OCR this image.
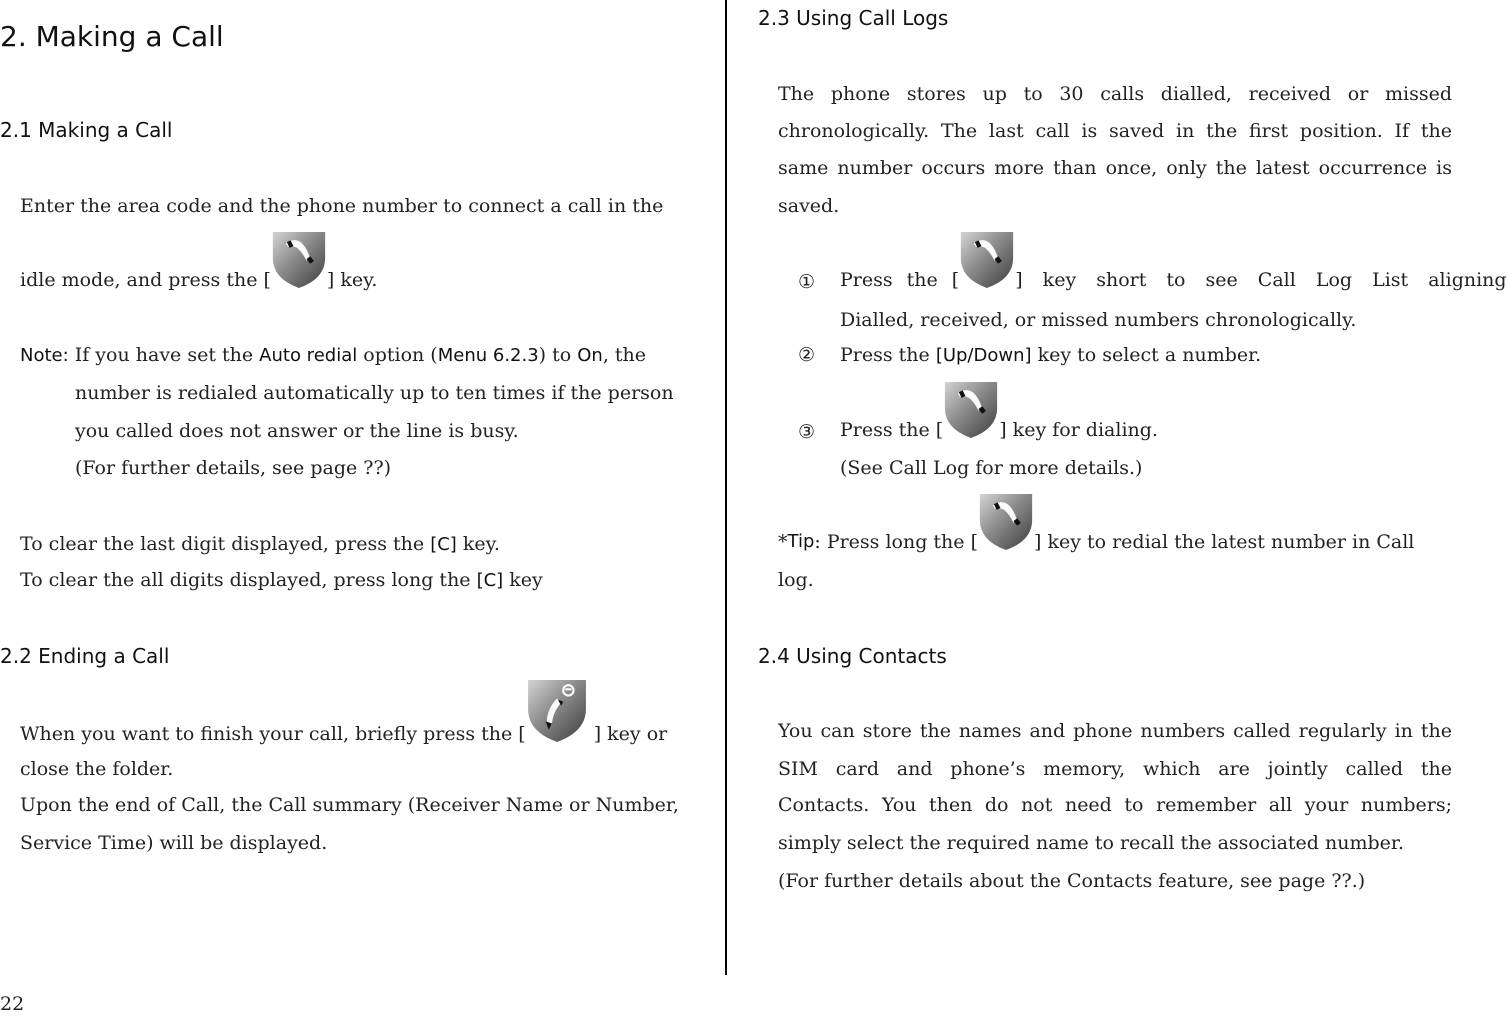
2. Making a Call
2.1 Making a Call
Enter the area code and the phone number to connect a call in the
idle mode, and press the [	] key.
Note: If you have set the Auto redial option (Menu 6.2.3) to On, the
number is redialed automatically up to ten times if the person
you called does not answer or the line is busy.
(For further details, see page ??)
To clear the last digit displayed, press the [C] key.
To clear the all digits displayed, press long the [C] key
2.2 Ending a Call
When you want to finish your call, briefly press the [	] key or
close the folder.
Upon the end of Call, the Call summary (Receiver Name or Number,
Service Time) will be displayed.
22
2.3 Using Call Logs
The phone stores up to 30 calls dialled, received or missed
chronologically. The last call is saved in the first position. If the
same number occurs more than once, only the latest occurrence is
saved.
① Press the [	] key short to see Call Log List aligning
Dialled, received, or missed numbers chronologically.
② Press the [Up/Down] key to select a number.
③ Press the [	] key for dialing.
(See Call Log for more details.)
* Tip : Press long the [	] key to redial the latest number in Call
log.
2.4 Using Contacts
You can store the names and phone numbers called regularly in the
SIM card and phone’s memory, which are jointly called the
Contacts. You then do not need to remember all your numbers;
simply select the required name to recall the associated number.
(For further details about the Contacts feature, see page ??.)
